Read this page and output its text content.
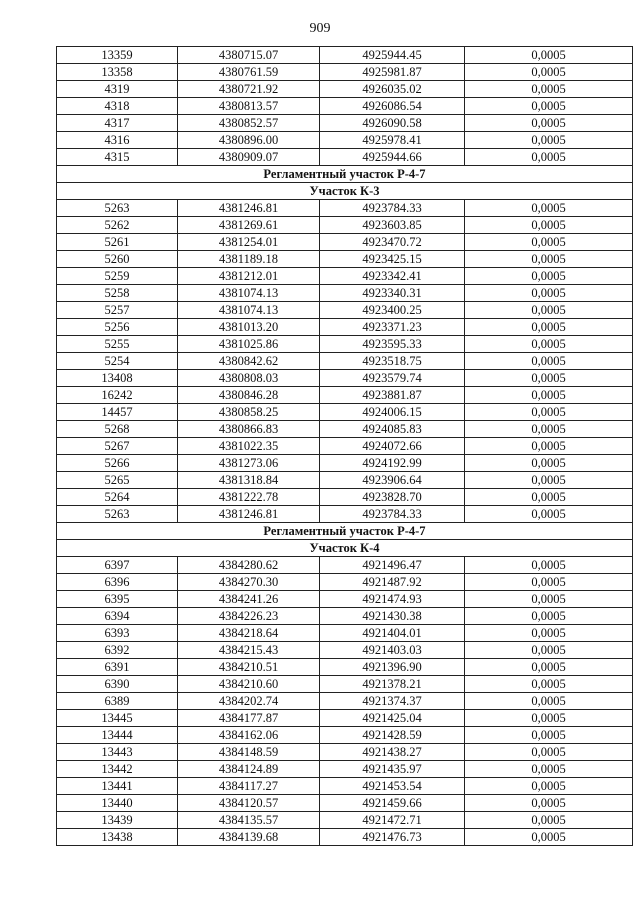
909
13359	4380715.07	4925944.45	0,0005
13358	4380761.59	4925981.87	0,0005
4319	4380721.92	4926035.02	0,0005
4318	4380813.57	4926086.54	0,0005
4317	4380852.57	4926090.58	0,0005
4316	4380896.00	4925978.41	0,0005
4315	4380909.07	4925944.66	0,0005
Регламентный участок Р-4-7			
Участок К-3			
5263	4381246.81	4923784.33	0,0005
5262	4381269.61	4923603.85	0,0005
5261	4381254.01	4923470.72	0,0005
5260	4381189.18	4923425.15	0,0005
5259	4381212.01	4923342.41	0,0005
5258	4381074.13	4923340.31	0,0005
5257	4381074.13	4923400.25	0,0005
5256	4381013.20	4923371.23	0,0005
5255	4381025.86	4923595.33	0,0005
5254	4380842.62	4923518.75	0,0005
13408	4380808.03	4923579.74	0,0005
16242	4380846.28	4923881.87	0,0005
14457	4380858.25	4924006.15	0,0005
5268	4380866.83	4924085.83	0,0005
5267	4381022.35	4924072.66	0,0005
5266	4381273.06	4924192.99	0,0005
5265	4381318.84	4923906.64	0,0005
5264	4381222.78	4923828.70	0,0005
5263	4381246.81	4923784.33	0,0005
Регламентный участок Р-4-7			
Участок К-4			
6397	4384280.62	4921496.47	0,0005
6396	4384270.30	4921487.92	0,0005
6395	4384241.26	4921474.93	0,0005
6394	4384226.23	4921430.38	0,0005
6393	4384218.64	4921404.01	0,0005
6392	4384215.43	4921403.03	0,0005
6391	4384210.51	4921396.90	0,0005
6390	4384210.60	4921378.21	0,0005
6389	4384202.74	4921374.37	0,0005
13445	4384177.87	4921425.04	0,0005
13444	4384162.06	4921428.59	0,0005
13443	4384148.59	4921438.27	0,0005
13442	4384124.89	4921435.97	0,0005
13441	4384117.27	4921453.54	0,0005
13440	4384120.57	4921459.66	0,0005
13439	4384135.57	4921472.71	0,0005
13438	4384139.68	4921476.73	0,0005
